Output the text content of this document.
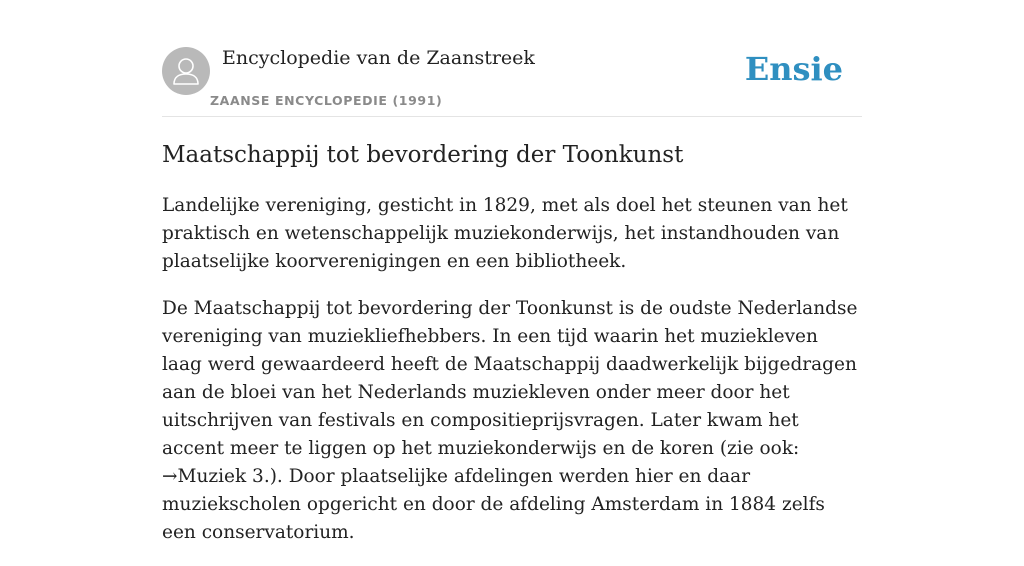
Encyclopedie van de Zaanstreek
ZAANSE ENCYCLOPEDIE (1991)
Ensie
Maatschappij tot bevordering der Toonkunst

Landelijke vereniging, gesticht in 1829, met als doel het steunen van het praktisch en wetenschappelijk muziekonderwijs, het instandhouden van plaatselijke koorverenigingen en een bibliotheek.

De Maatschappij tot bevordering der Toonkunst is de oudste Nederlandse vereniging van muziekliefhebbers. In een tijd waarin het muziekleven laag werd gewaardeerd heeft de Maatschappij daadwerkelijk bijgedragen aan de bloei van het Nederlands muziekleven onder meer door het uitschrijven van festivals en compositieprijsvragen. Later kwam het accent meer te liggen op het muziekonderwijs en de koren (zie ook: →Muziek 3.). Door plaatselijke afdelingen werden hier en daar muziekscholen opgericht en door de afdeling Amsterdam in 1884 zelfs een conservatorium.
